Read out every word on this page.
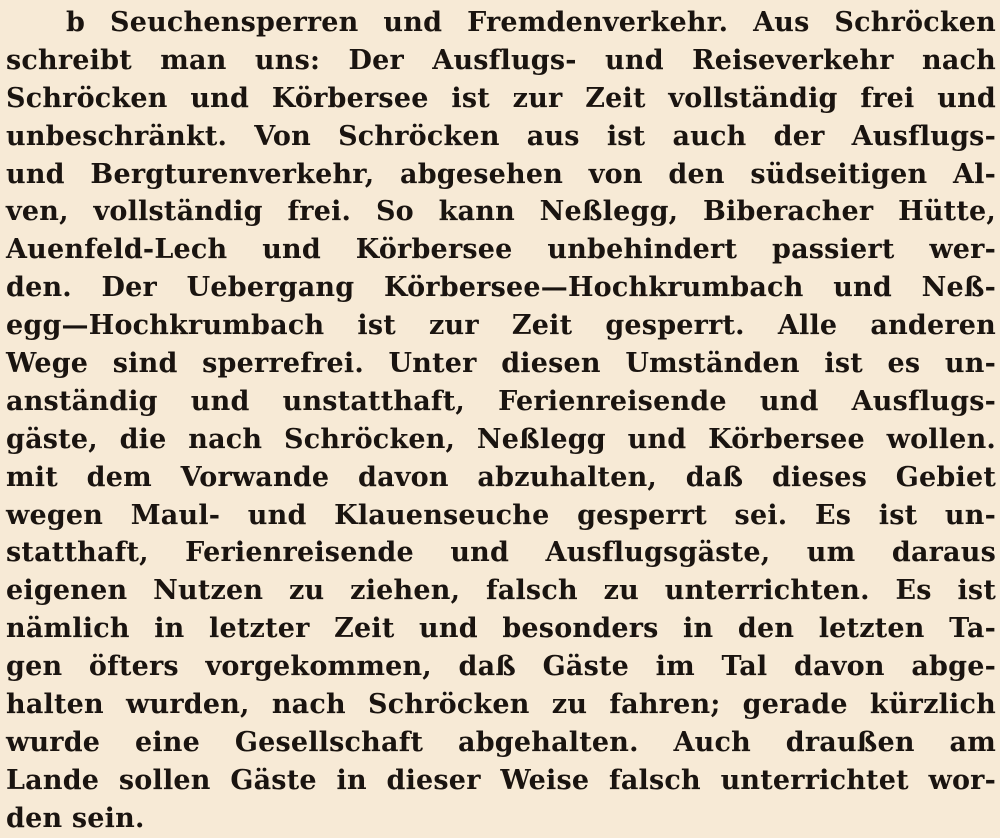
b Seuchensperren und Fremdenverkehr. Aus Schröcken
schreibt man uns: Der Ausflugs- und Reiseverkehr nach
Schröcken und Körbersee ist zur Zeit vollständig frei und
unbeschränkt. Von Schröcken aus ist auch der Ausflugs-
und Bergturenverkehr, abgesehen von den südseitigen Al-
ven, vollständig frei. So kann Neßlegg, Biberacher Hütte,
Auenfeld-Lech und Körbersee unbehindert passiert wer-
den. Der Uebergang Körbersee—Hochkrumbach und Neß-
egg—Hochkrumbach ist zur Zeit gesperrt. Alle anderen
Wege sind sperrefrei. Unter diesen Umständen ist es un-
anständig und unstatthaft, Ferienreisende und Ausflugs-
gäste, die nach Schröcken, Neßlegg und Körbersee wollen.
mit dem Vorwande davon abzuhalten, daß dieses Gebiet
wegen Maul- und Klauenseuche gesperrt sei. Es ist un-
statthaft, Ferienreisende und Ausflugsgäste, um daraus
eigenen Nutzen zu ziehen, falsch zu unterrichten. Es ist
nämlich in letzter Zeit und besonders in den letzten Ta-
gen öfters vorgekommen, daß Gäste im Tal davon abge-
halten wurden, nach Schröcken zu fahren; gerade kürzlich
wurde eine Gesellschaft abgehalten. Auch draußen am
Lande sollen Gäste in dieser Weise falsch unterrichtet wor-
den sein.
